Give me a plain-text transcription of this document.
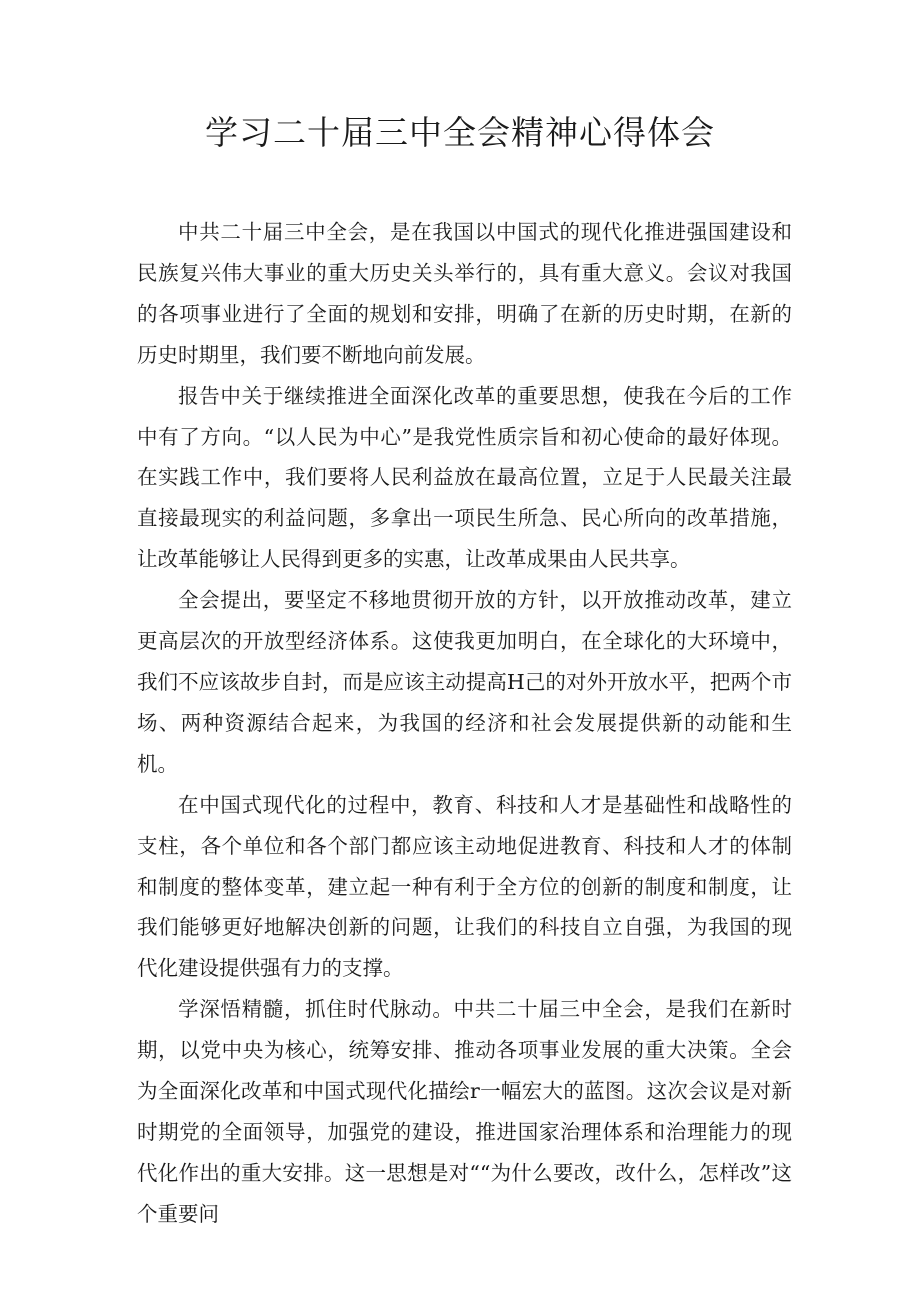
学习二十届三中全会精神心得体会

中共二十届三中全会，是在我国以中国式的现代化推进强国建设和民族复兴伟大事业的重大历史关头举行的，具有重大意义。会议对我国的各项事业进行了全面的规划和安排，明确了在新的历史时期，在新的历史时期里，我们要不断地向前发展。

报告中关于继续推进全面深化改革的重要思想，使我在今后的工作中有了方向。“以人民为中心”是我党性质宗旨和初心使命的最好体现。在实践工作中，我们要将人民利益放在最高位置，立足于人民最关注最直接最现实的利益问题，多拿出一项民生所急、民心所向的改革措施，让改革能够让人民得到更多的实惠，让改革成果由人民共享。

全会提出，要坚定不移地贯彻开放的方针，以开放推动改革，建立更高层次的开放型经济体系。这使我更加明白，在全球化的大环境中，我们不应该故步自封，而是应该主动提高H己的对外开放水平，把两个市场、两种资源结合起来，为我国的经济和社会发展提供新的动能和生机。

在中国式现代化的过程中，教育、科技和人才是基础性和战略性的支柱，各个单位和各个部门都应该主动地促进教育、科技和人才的体制和制度的整体变革，建立起一种有利于全方位的创新的制度和制度，让我们能够更好地解决创新的问题，让我们的科技自立自强，为我国的现代化建设提供强有力的支撑。

学深悟精髓，抓住时代脉动。中共二十届三中全会，是我们在新时期，以党中央为核心，统筹安排、推动各项事业发展的重大决策。全会为全面深化改革和中国式现代化描绘r一幅宏大的蓝图。这次会议是对新时期党的全面领导，加强党的建设，推进国家治理体系和治理能力的现代化作出的重大安排。这一思想是对““为什么要改，改什么，怎样改”这个重要问
